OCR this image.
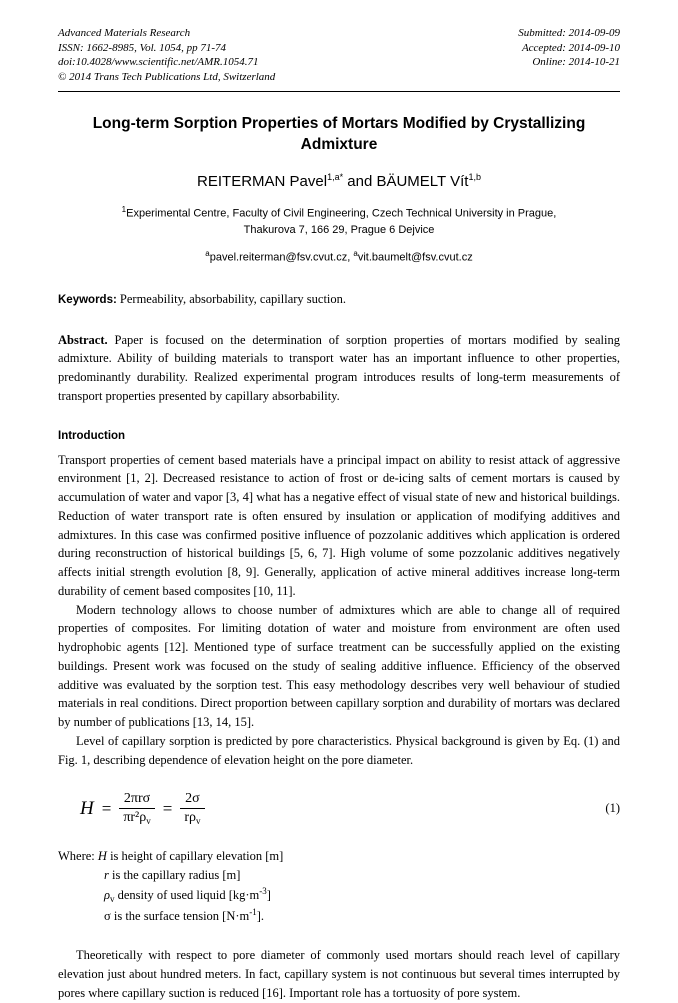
Advanced Materials Research
ISSN: 1662-8985, Vol. 1054, pp 71-74
doi:10.4028/www.scientific.net/AMR.1054.71
© 2014 Trans Tech Publications Ltd, Switzerland
Submitted: 2014-09-09
Accepted: 2014-09-10
Online: 2014-10-21
Long-term Sorption Properties of Mortars Modified by Crystallizing Admixture
REITERMAN Pavel$^{1,a*}$ and BÄUMELT Vít$^{1,b}$
$^1$Experimental Centre, Faculty of Civil Engineering, Czech Technical University in Prague,
Thakurova 7, 166 29, Prague 6 Dejvice
$^a$pavel.reiterman@fsv.cvut.cz, $^a$vit.baumelt@fsv.cvut.cz
Keywords: Permeability, absorbability, capillary suction.
Abstract. Paper is focused on the determination of sorption properties of mortars modified by sealing admixture. Ability of building materials to transport water has an important influence to other properties, predominantly durability. Realized experimental program introduces results of long-term measurements of transport properties presented by capillary absorbability.
Introduction

Transport properties of cement based materials have a principal impact on ability to resist attack of aggressive environment [1, 2]. Decreased resistance to action of frost or de-icing salts of cement mortars is caused by accumulation of water and vapor [3, 4] what has a negative effect of visual state of new and historical buildings. Reduction of water transport rate is often ensured by insulation or application of modifying additives and admixtures. In this case was confirmed positive influence of pozzolanic additives which application is ordered during reconstruction of historical buildings [5, 6, 7]. High volume of some pozzolanic additives negatively affects initial strength evolution [8, 9]. Generally, application of active mineral additives increase long-term durability of cement based composites [10, 11].

Modern technology allows to choose number of admixtures which are able to change all of required properties of composites. For limiting dotation of water and moisture from environment are often used hydrophobic agents [12]. Mentioned type of surface treatment can be successfully applied on the existing buildings. Present work was focused on the study of sealing additive influence. Efficiency of the observed additive was evaluated by the sorption test. This easy methodology describes very well behaviour of studied materials in real conditions. Direct proportion between capillary sorption and durability of mortars was declared by number of publications [13, 14, 15].

Level of capillary sorption is predicted by pore characteristics. Physical background is given by Eq. (1) and Fig. 1, describing dependence of elevation height on the pore diameter.

$H = \frac{\text{2πrσ}}{\pi r^2\rho_v} = \frac{2\sigma}{r\rho_v}$	(1)
Where: H is height of capillary elevation [m]
r is the capillary radius [m]
$\rho_v$ density of used liquid $[kg\cdot m^{-3}]$
σ is the surface tension $[N\cdot m^{-1}]$.

Theoretically with respect to pore diameter of commonly used mortars should reach level of capillary elevation just about hundred meters. In fact, capillary system is not continuous but several times interrupted by pores where capillary suction is reduced [16]. Important role has a tortuosity of pore system.
